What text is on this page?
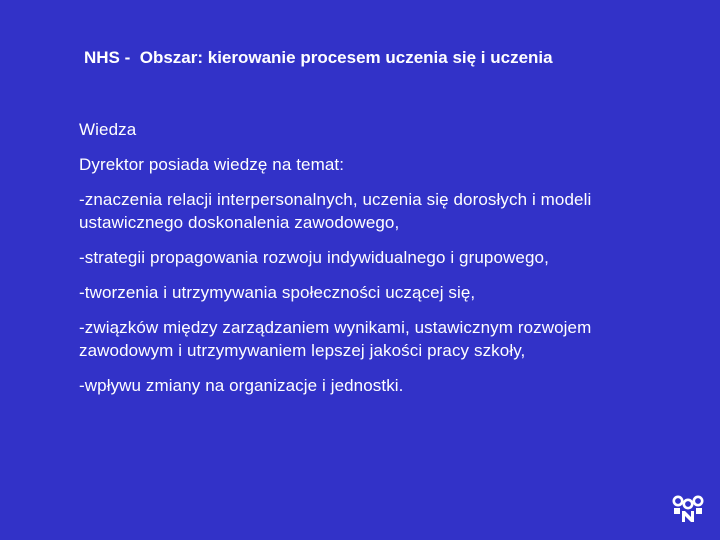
NHS -  Obszar: kierowanie procesem uczenia się i uczenia

Wiedza

Dyrektor posiada wiedzę na temat:

-znaczenia relacji interpersonalnych, uczenia się dorosłych i modeli ustawicznego doskonalenia zawodowego,

-strategii propagowania rozwoju indywidualnego i grupowego,

-tworzenia i utrzymywania społeczności uczącej się,

-związków między zarządzaniem wynikami, ustawicznym rozwojem zawodowym i utrzymywaniem lepszej jakości pracy szkoły,

-wpływu zmiany na organizacje i jednostki.
